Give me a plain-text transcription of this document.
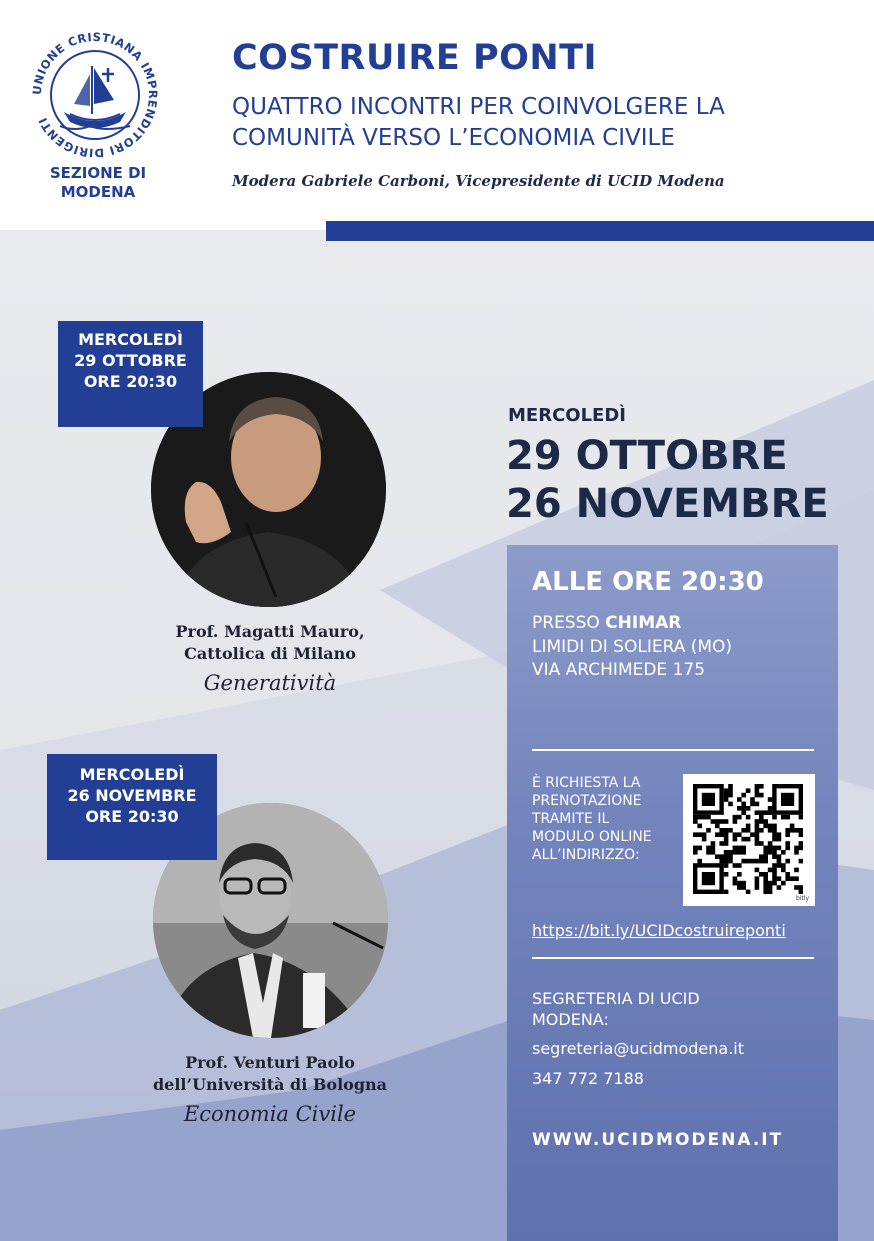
UNIONE CRISTIANA IMPRENDITORI DIRIGENTI
SEZIONE DI
MODENA
COSTRUIRE PONTI
QUATTRO INCONTRI PER COINVOLGERE LA
COMUNITÀ VERSO L’ECONOMIA CIVILE
Modera Gabriele Carboni, Vicepresidente di UCID Modena
MERCOLEDÌ
29 OTTOBRE
ORE 20:30
Prof. Magatti Mauro,
Cattolica di Milano
Generatività
MERCOLEDÌ
26 NOVEMBRE
ORE 20:30
Prof. Venturi Paolo
dell’Università di Bologna
Economia Civile
MERCOLEDÌ
29 OTTOBRE
26 NOVEMBRE
ALLE ORE 20:30
PRESSO CHIMAR
LIMIDI DI SOLIERA (MO)
VIA ARCHIMEDE 175
È RICHIESTA LA PRENOTAZIONE TRAMITE IL MODULO ONLINE ALL’INDIRIZZO:
bitly
https://bit.ly/UCIDcostruireponti
SEGRETERIA DI UCID MODENA:
segreteria@ucidmodena.it
347 772 7188
WWW.UCIDMODENA.IT
